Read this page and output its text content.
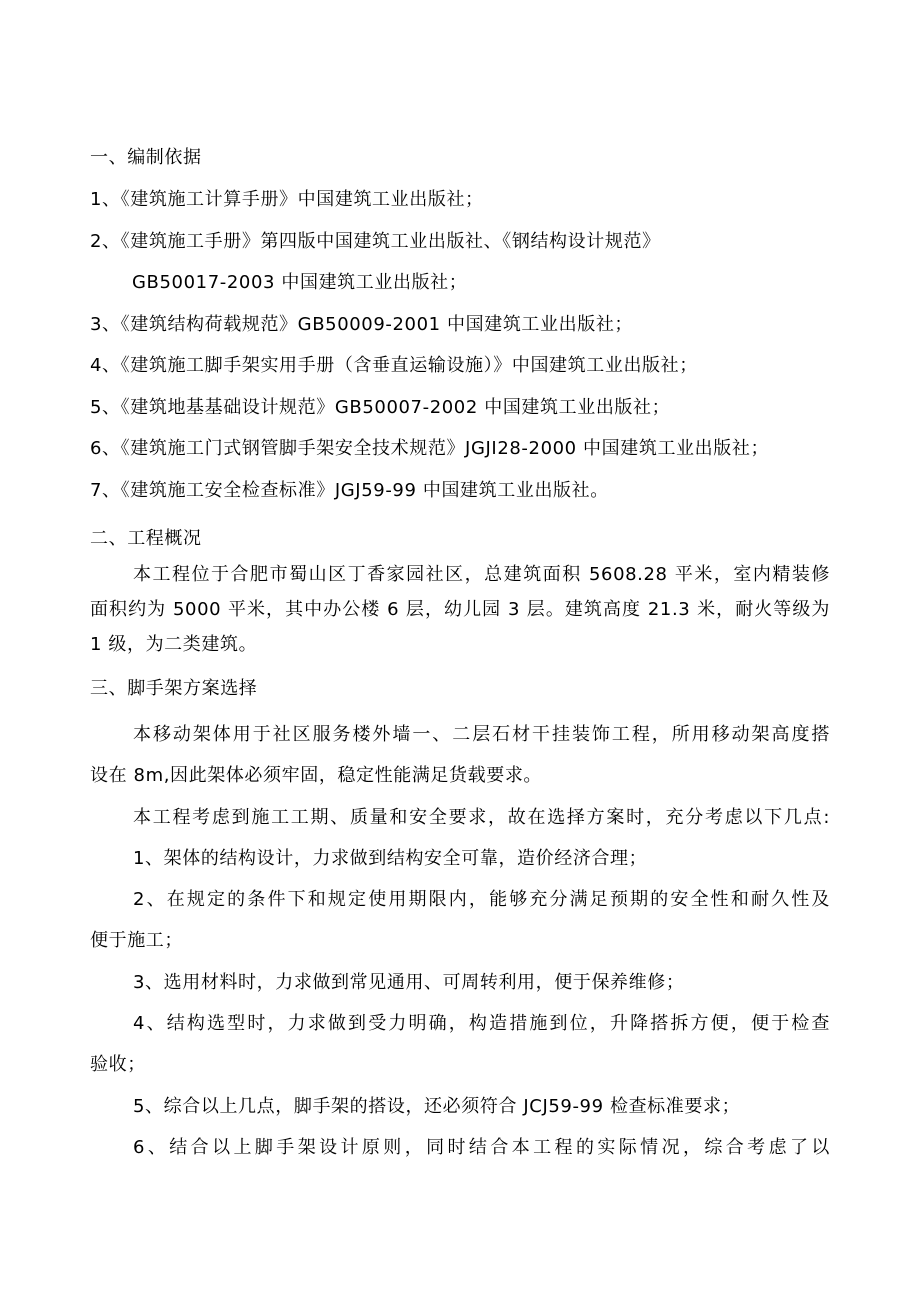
一、编制依据
1、《建筑施工计算手册》中国建筑工业出版社；
2、《建筑施工手册》第四版中国建筑工业出版社、《钢结构设计规范》
GB50017-2003 中国建筑工业出版社；
3、《建筑结构荷载规范》GB50009-2001 中国建筑工业出版社；
4、《建筑施工脚手架实用手册（含垂直运输设施）》中国建筑工业出版社；
5、《建筑地基基础设计规范》GB50007-2002 中国建筑工业出版社；
6、《建筑施工门式钢管脚手架安全技术规范》JGJI28-2000 中国建筑工业出版社；
7、《建筑施工安全检查标准》JGJ59-99 中国建筑工业出版社。
二、工程概况
本工程位于合肥市蜀山区丁香家园社区，总建筑面积 5608.28 平米，室内精装修
面积约为 5000 平米，其中办公楼 6 层，幼儿园 3 层。建筑高度 21.3 米，耐火等级为
1 级，为二类建筑。
三、脚手架方案选择
本移动架体用于社区服务楼外墙一、二层石材干挂装饰工程，所用移动架高度搭
设在 8m,因此架体必须牢固，稳定性能满足货载要求。
本工程考虑到施工工期、质量和安全要求，故在选择方案时，充分考虑以下几点:
1、架体的结构设计，力求做到结构安全可靠，造价经济合理；
2、在规定的条件下和规定使用期限内，能够充分满足预期的安全性和耐久性及
便于施工；
3、选用材料时，力求做到常见通用、可周转利用，便于保养维修；
4、结构选型时，力求做到受力明确，构造措施到位，升降搭拆方便，便于检查
验收；
5、综合以上几点，脚手架的搭设，还必须符合 JCJ59-99 检查标准要求；
6、结合以上脚手架设计原则，同时结合本工程的实际情况，综合考虑了以
